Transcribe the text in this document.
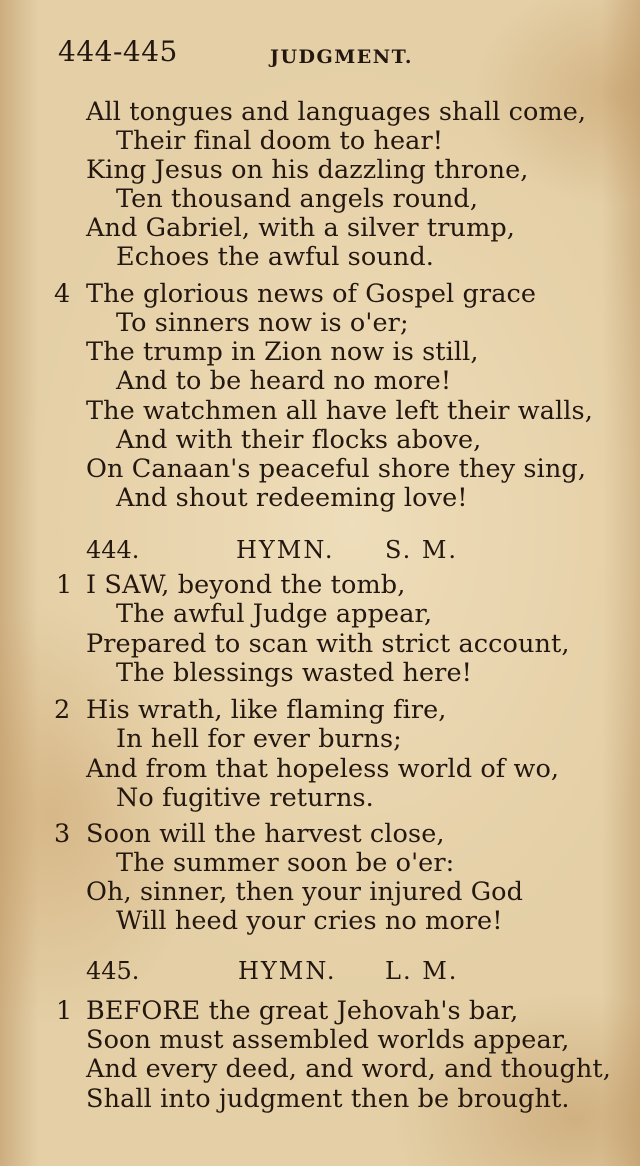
444-445	JUDGMENT.
All tongues and languages shall come,
Their final doom to hear!
King Jesus on his dazzling throne,
Ten thousand angels round,
And Gabriel, with a silver trump,
Echoes the awful sound.
4 The glorious news of Gospel grace
To sinners now is o'er;
The trump in Zion now is still,
And to be heard no more!
The watchmen all have left their walls,
And with their flocks above,
On Canaan's peaceful shore they sing,
And shout redeeming love!
444.	HYMN. S. M.
1 I SAW, beyond the tomb,
The awful Judge appear,
Prepared to scan with strict account,
The blessings wasted here!
2 His wrath, like flaming fire,
In hell for ever burns;
And from that hopeless world of wo,
No fugitive returns.
3 Soon will the harvest close,
The summer soon be o'er:
Oh, sinner, then your injured God
Will heed your cries no more!
445.	HYMN. L. M.
1 BEFORE the great Jehovah's bar,
Soon must assembled worlds appear,
And every deed, and word, and thought,
Shall into judgment then be brought.
